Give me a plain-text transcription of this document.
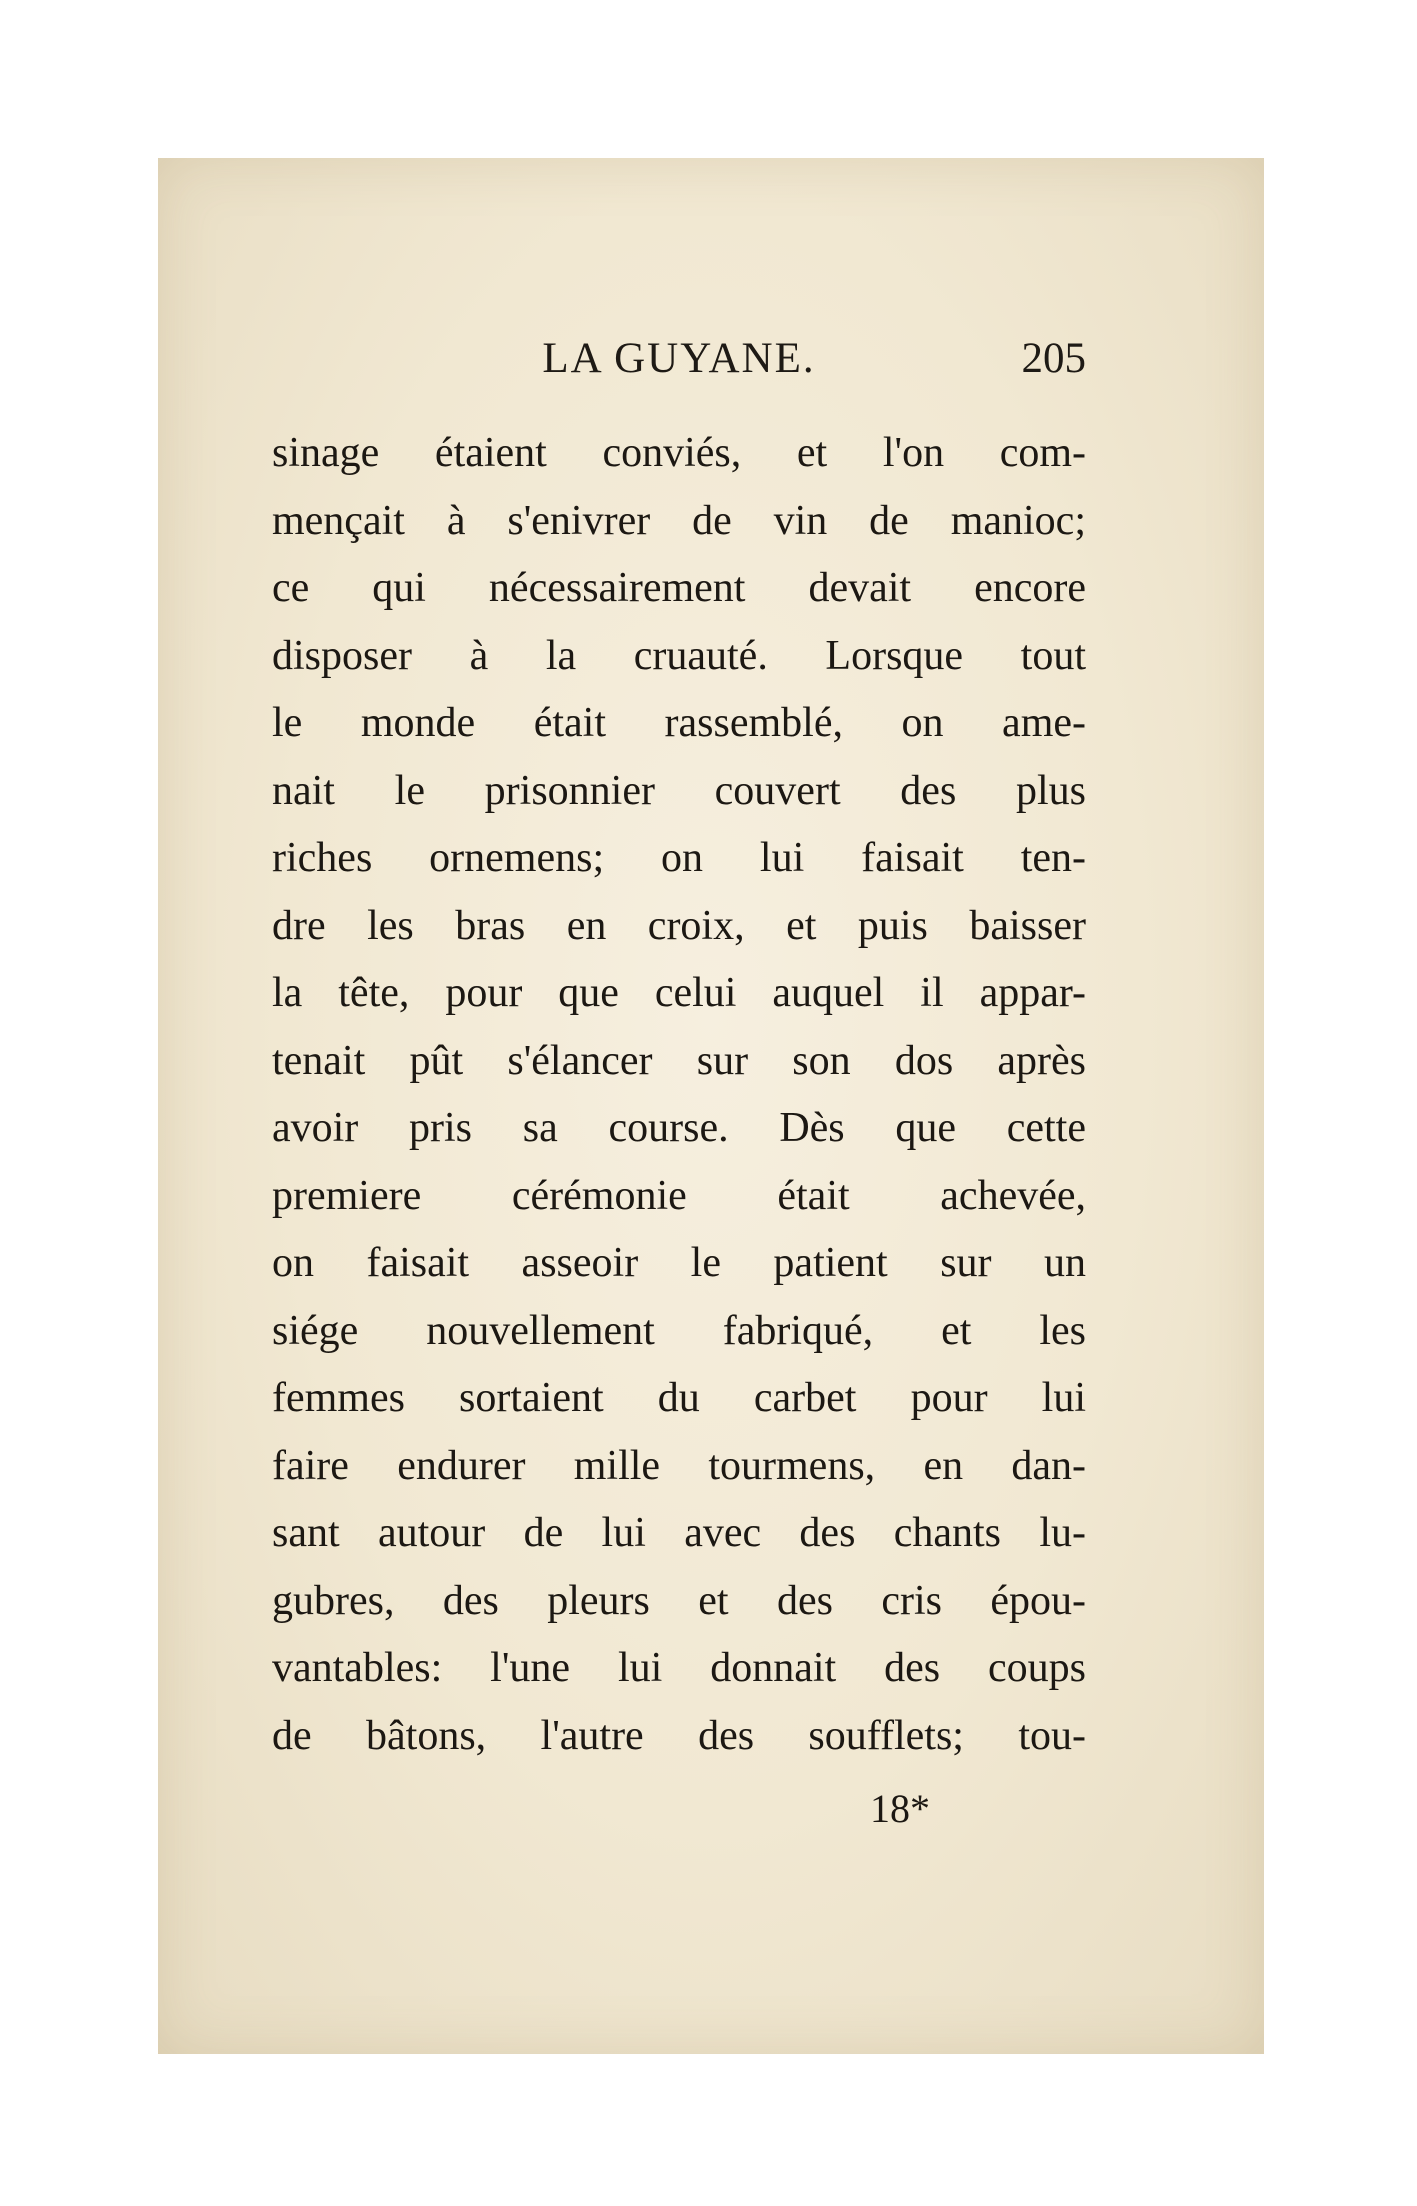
LA GUYANE.	205
sinage étaient conviés, et l'on com-
mençait à s'enivrer de vin de manioc;
ce qui nécessairement devait encore
disposer à la cruauté. Lorsque tout
le monde était rassemblé, on ame-
nait le prisonnier couvert des plus
riches ornemens; on lui faisait ten-
dre les bras en croix, et puis baisser
la tête, pour que celui auquel il appar-
tenait pût s'élancer sur son dos après
avoir pris sa course. Dès que cette
premiere cérémonie était achevée,
on faisait asseoir le patient sur un
siége nouvellement fabriqué, et les
femmes sortaient du carbet pour lui
faire endurer mille tourmens, en dan-
sant autour de lui avec des chants lu-
gubres, des pleurs et des cris épou-
vantables: l'une lui donnait des coups
de bâtons, l'autre des soufflets; tou-
18*
